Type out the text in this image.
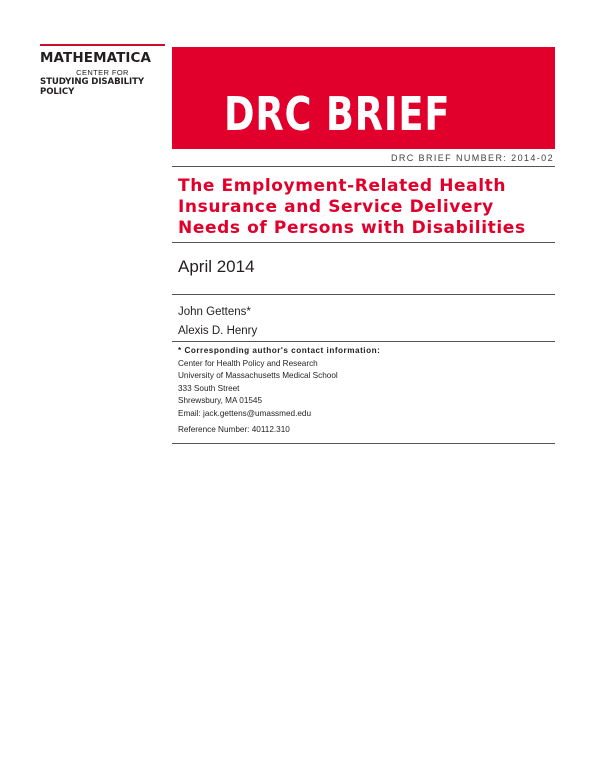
MATHEMATICA
CENTER FOR
STUDYING DISABILITY POLICY	DRC BRIEF
DRC BRIEF NUMBER: 2014-02
The Employment-Related Health Insurance and Service Delivery Needs of Persons with Disabilities
April 2014
John Gettens*
Alexis D. Henry
* Corresponding author's contact information:
Center for Health Policy and Research
University of Massachusetts Medical School
333 South Street
Shrewsbury, MA 01545
Email: jack.gettens@umassmed.edu
Reference Number: 40112.310
